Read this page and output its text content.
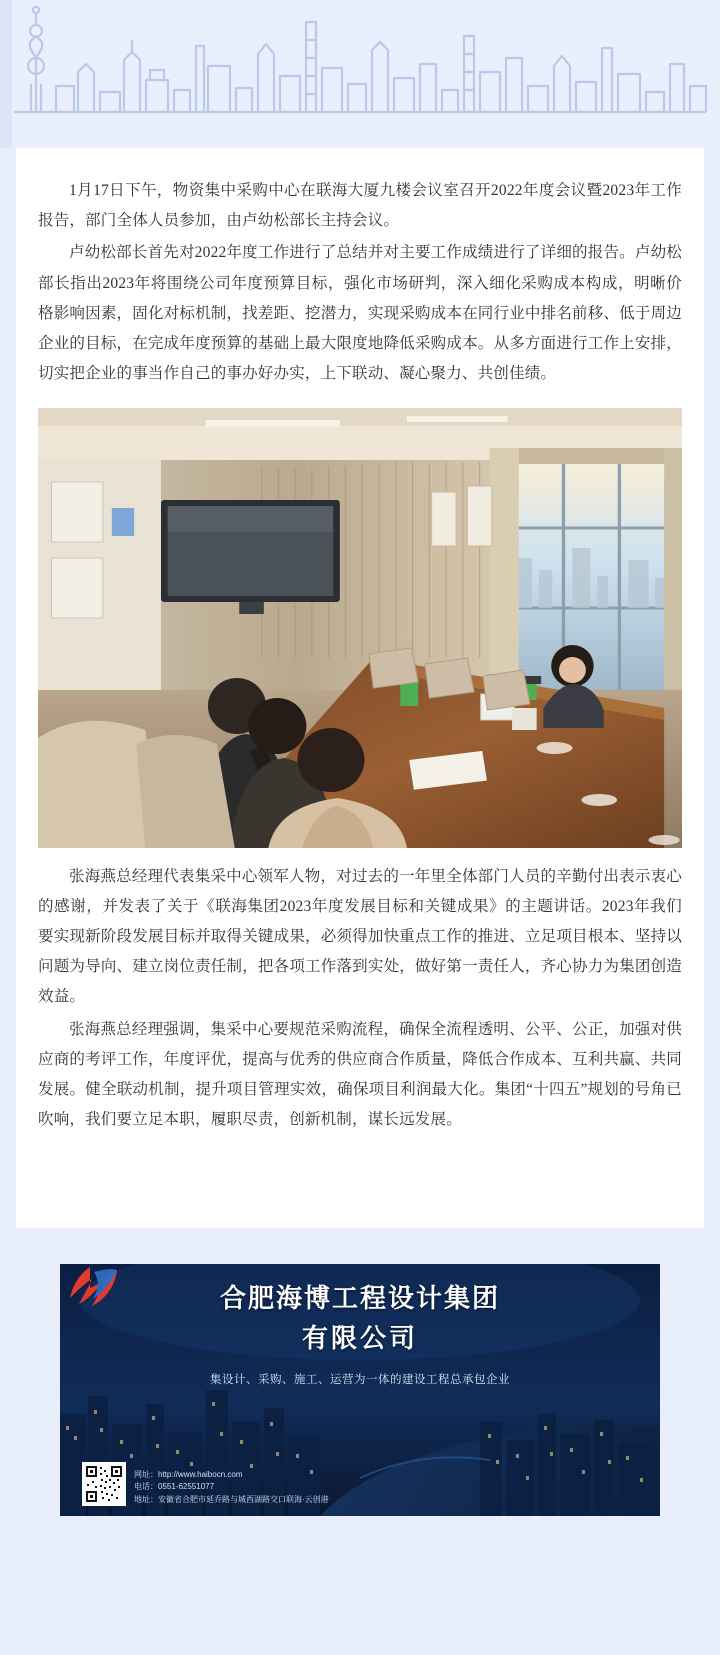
1月17日下午，物资集中采购中心在联海大厦九楼会议室召开2022年度会议暨2023年工作报告，部门全体人员参加，由卢幼松部长主持会议。

卢幼松部长首先对2022年度工作进行了总结并对主要工作成绩进行了详细的报告。卢幼松部长指出2023年将围绕公司年度预算目标，强化市场研判，深入细化采购成本构成，明晰价格影响因素，固化对标机制，找差距、挖潜力，实现采购成本在同行业中排名前移、低于周边企业的目标，在完成年度预算的基础上最大限度地降低采购成本。从多方面进行工作上安排，切实把企业的事当作自己的事办好办实，上下联动、凝心聚力、共创佳绩。

张海燕总经理代表集采中心领军人物，对过去的一年里全体部门人员的辛勤付出表示衷心的感谢，并发表了关于《联海集团2023年度发展目标和关键成果》的主题讲话。2023年我们要实现新阶段发展目标并取得关键成果，必须得加快重点工作的推进、立足项目根本、坚持以问题为导向、建立岗位责任制，把各项工作落到实处，做好第一责任人，齐心协力为集团创造效益。

张海燕总经理强调，集采中心要规范采购流程，确保全流程透明、公平、公正，加强对供应商的考评工作，年度评优，提高与优秀的供应商合作质量，降低合作成本、互利共赢、共同发展。健全联动机制，提升项目管理实效，确保项目利润最大化。集团“十四五”规划的号角已吹响，我们要立足本职，履职尽责，创新机制，谋长远发展。

合肥海博工程设计集团
有限公司
集设计、采购、施工、运营为一体的建设工程总承包企业
网址：http://www.haibocn.com
电话：0551-62551077
地址：安徽省合肥市延乔路与城西湖路交口联海·云创港
